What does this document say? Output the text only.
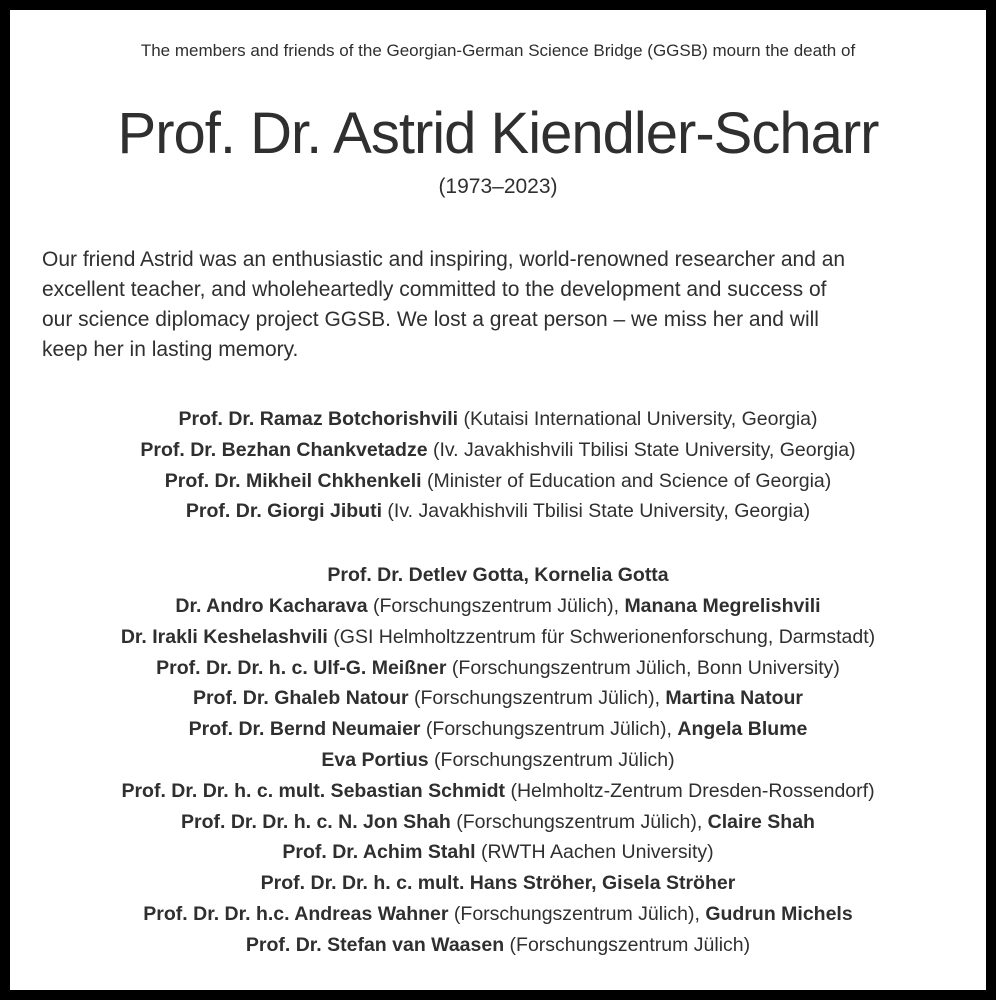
The members and friends of the Georgian-German Science Bridge (GGSB) mourn the death of
Prof. Dr. Astrid Kiendler-Scharr
(1973–2023)
Our friend Astrid was an enthusiastic and inspiring, world-renowned researcher and an
excellent teacher, and wholeheartedly committed to the development and success of
our science diplomacy project GGSB. We lost a great person – we miss her and will
keep her in lasting memory.
Prof. Dr. Ramaz Botchorishvili (Kutaisi International University, Georgia)
Prof. Dr. Bezhan Chankvetadze (Iv. Javakhishvili Tbilisi State University, Georgia)
Prof. Dr. Mikheil Chkhenkeli (Minister of Education and Science of Georgia)
Prof. Dr. Giorgi Jibuti (Iv. Javakhishvili Tbilisi State University, Georgia)
Prof. Dr. Detlev Gotta, Kornelia Gotta
Dr. Andro Kacharava (Forschungszentrum Jülich), Manana Megrelishvili
Dr. Irakli Keshelashvili (GSI Helmholtzzentrum für Schwerionenforschung, Darmstadt)
Prof. Dr. Dr. h. c. Ulf-G. Meißner (Forschungszentrum Jülich, Bonn University)
Prof. Dr. Ghaleb Natour (Forschungszentrum Jülich), Martina Natour
Prof. Dr. Bernd Neumaier (Forschungszentrum Jülich), Angela Blume
Eva Portius (Forschungszentrum Jülich)
Prof. Dr. Dr. h. c. mult. Sebastian Schmidt (Helmholtz-Zentrum Dresden-Rossendorf)
Prof. Dr. Dr. h. c. N. Jon Shah (Forschungszentrum Jülich), Claire Shah
Prof. Dr. Achim Stahl (RWTH Aachen University)
Prof. Dr. Dr. h. c. mult. Hans Ströher, Gisela Ströher
Prof. Dr. Dr. h.c. Andreas Wahner (Forschungszentrum Jülich), Gudrun Michels
Prof. Dr. Stefan van Waasen (Forschungszentrum Jülich)
